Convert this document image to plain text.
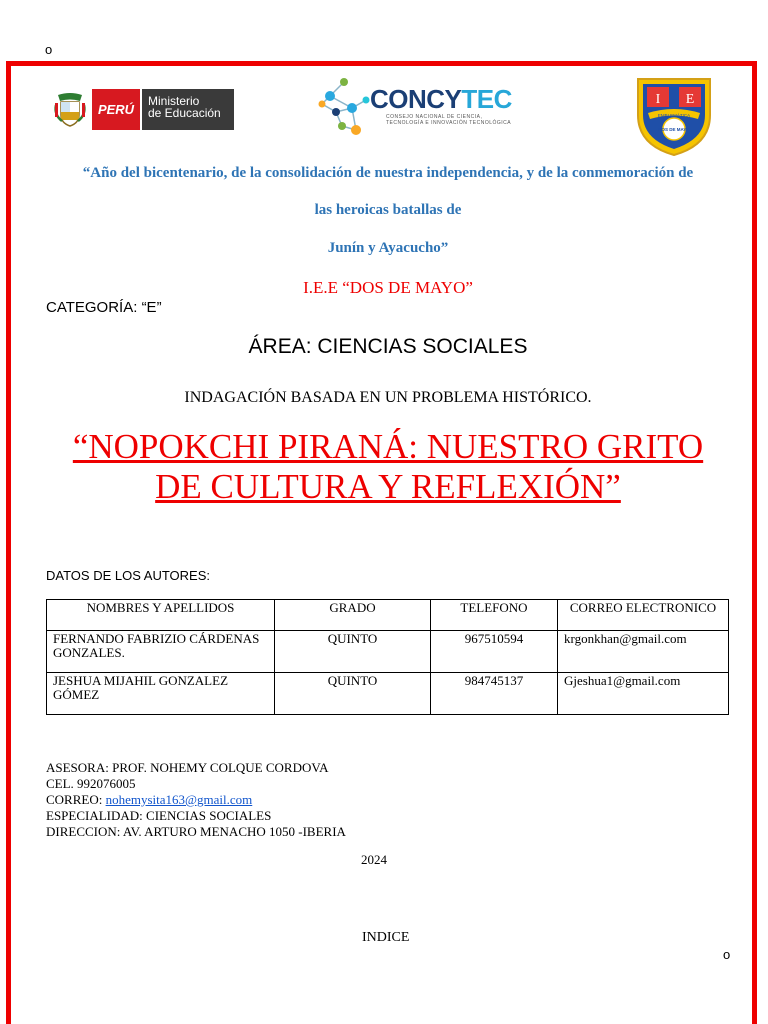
o
PERÚ
Ministerio
de Educación	CONCYTEC
CONSEJO NACIONAL DE CIENCIA,
TECNOLOGÍA E INNOVACIÓN TECNOLÓGICA
I E
EMBLEMÁTICA
DOS DE MAYO
“Año del bicentenario, de la consolidación de nuestra independencia, y de la conmemoración de
las heroicas batallas de
Junín y Ayacucho”
I.E.E “DOS DE MAYO”
CATEGORÍA: “E”
ÁREA: CIENCIAS SOCIALES
INDAGACIÓN BASADA EN UN PROBLEMA HISTÓRICO.
“NOPOKCHI PIRANÁ: NUESTRO GRITO
DE CULTURA Y REFLEXIÓN”
DATOS DE LOS AUTORES:
NOMBRES Y APELLIDOS	GRADO	TELEFONO	CORREO ELECTRONICO
FERNANDO FABRIZIO CÁRDENAS GONZALES.	QUINTO	967510594	krgonkhan@gmail.com
JESHUA MIJAHIL GONZALEZ GÓMEZ	QUINTO	984745137	Gjeshua1@gmail.com
ASESORA: PROF. NOHEMY COLQUE CORDOVA
CEL. 992076005
CORREO: nohemysita163@gmail.com
ESPECIALIDAD: CIENCIAS SOCIALES
DIRECCION: AV. ARTURO MENACHO 1050 -IBERIA
2024
INDICE
o
